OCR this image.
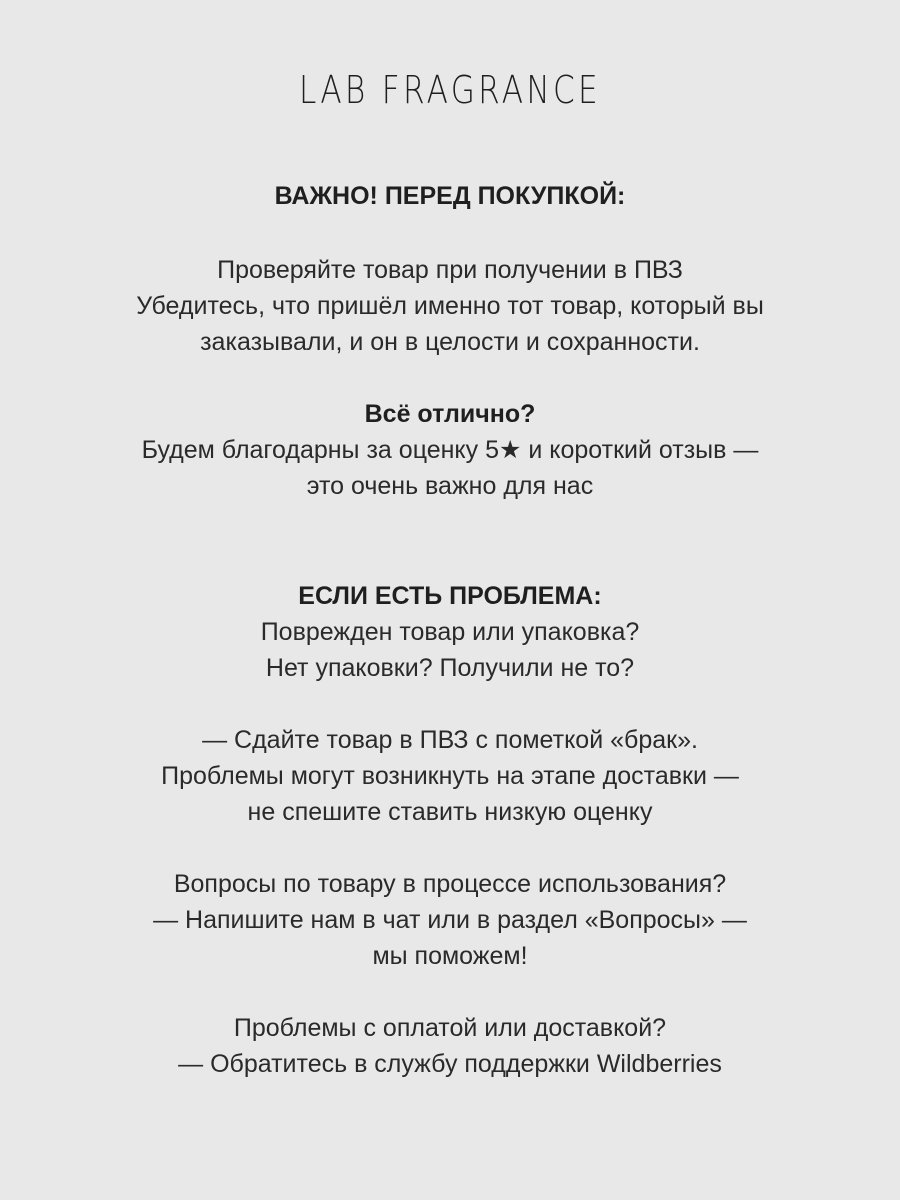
LAB FRAGRANCE
ВАЖНО! ПЕРЕД ПОКУПКОЙ:
Проверяйте товар при получении в ПВЗ
Убедитесь, что пришёл именно тот товар, который вы
заказывали, и он в целости и сохранности.
Всё отлично?
Будем благодарны за оценку 5★ и короткий отзыв —
это очень важно для нас
ЕСЛИ ЕСТЬ ПРОБЛЕМА:
Поврежден товар или упаковка?
Нет упаковки? Получили не то?
— Сдайте товар в ПВЗ с пометкой «брак».
Проблемы могут возникнуть на этапе доставки —
не спешите ставить низкую оценку
Вопросы по товару в процессе использования?
— Напишите нам в чат или в раздел «Вопросы» —
мы поможем!
Проблемы с оплатой или доставкой?
— Обратитесь в службу поддержки Wildberries
